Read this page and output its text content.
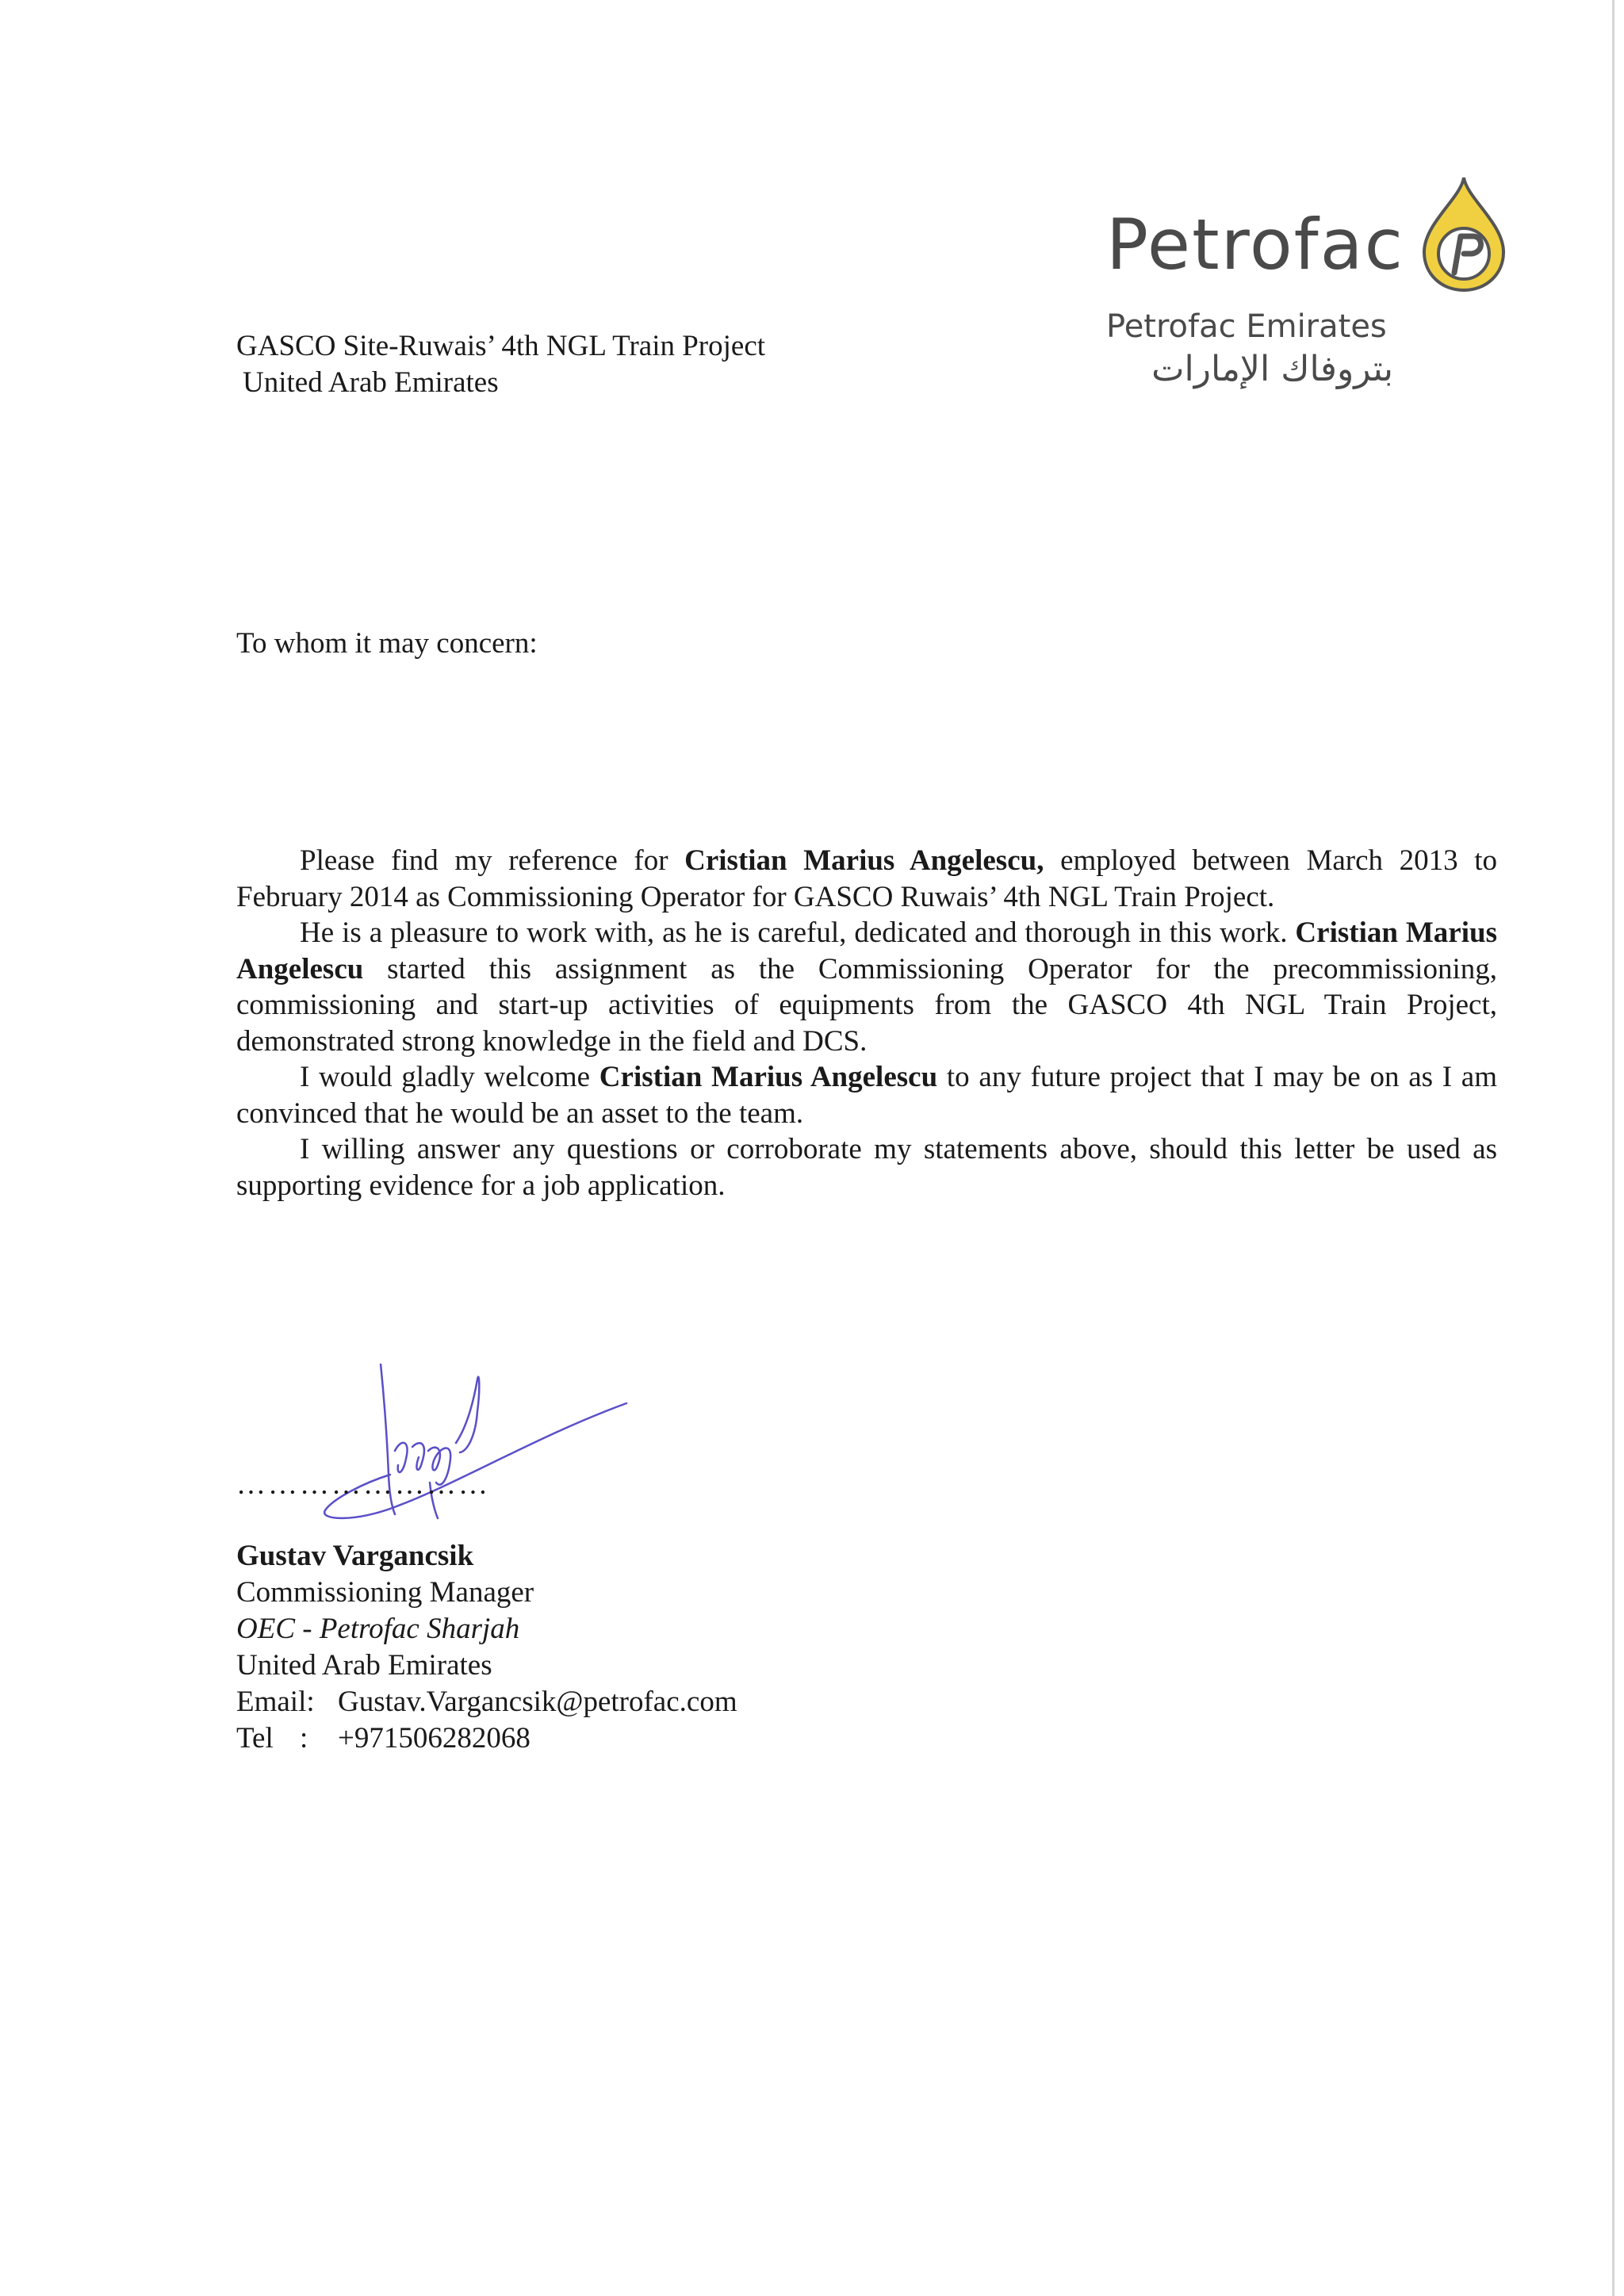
Petrofac
Petrofac Emirates
بتروفاك الإمارات
GASCO Site-Ruwais’ 4th NGL Train Project
United Arab Emirates
To whom it may concern:

Please find my reference for Cristian Marius Angelescu, employed between March 2013 to February 2014 as Commissioning Operator for GASCO Ruwais’ 4th NGL Train Project.

He is a pleasure to work with, as he is careful, dedicated and thorough in this work. Cristian Marius Angelescu started this assignment as the Commissioning Operator for the precommissioning, commissioning and start-up activities of equipments from the GASCO 4th NGL Train Project, demonstrated strong knowledge in the field and DCS.

I would gladly welcome Cristian Marius Angelescu to any future project that I may be on as I am convinced that he would be an asset to the team.

I willing answer any questions or corroborate my statements above, should this letter be used as supporting evidence for a job application.

……………………
Gustav Vargancsik
Commissioning Manager
OEC - Petrofac Sharjah
United Arab Emirates
Email: Gustav.Vargancsik@petrofac.com
Tel :	+971506282068
